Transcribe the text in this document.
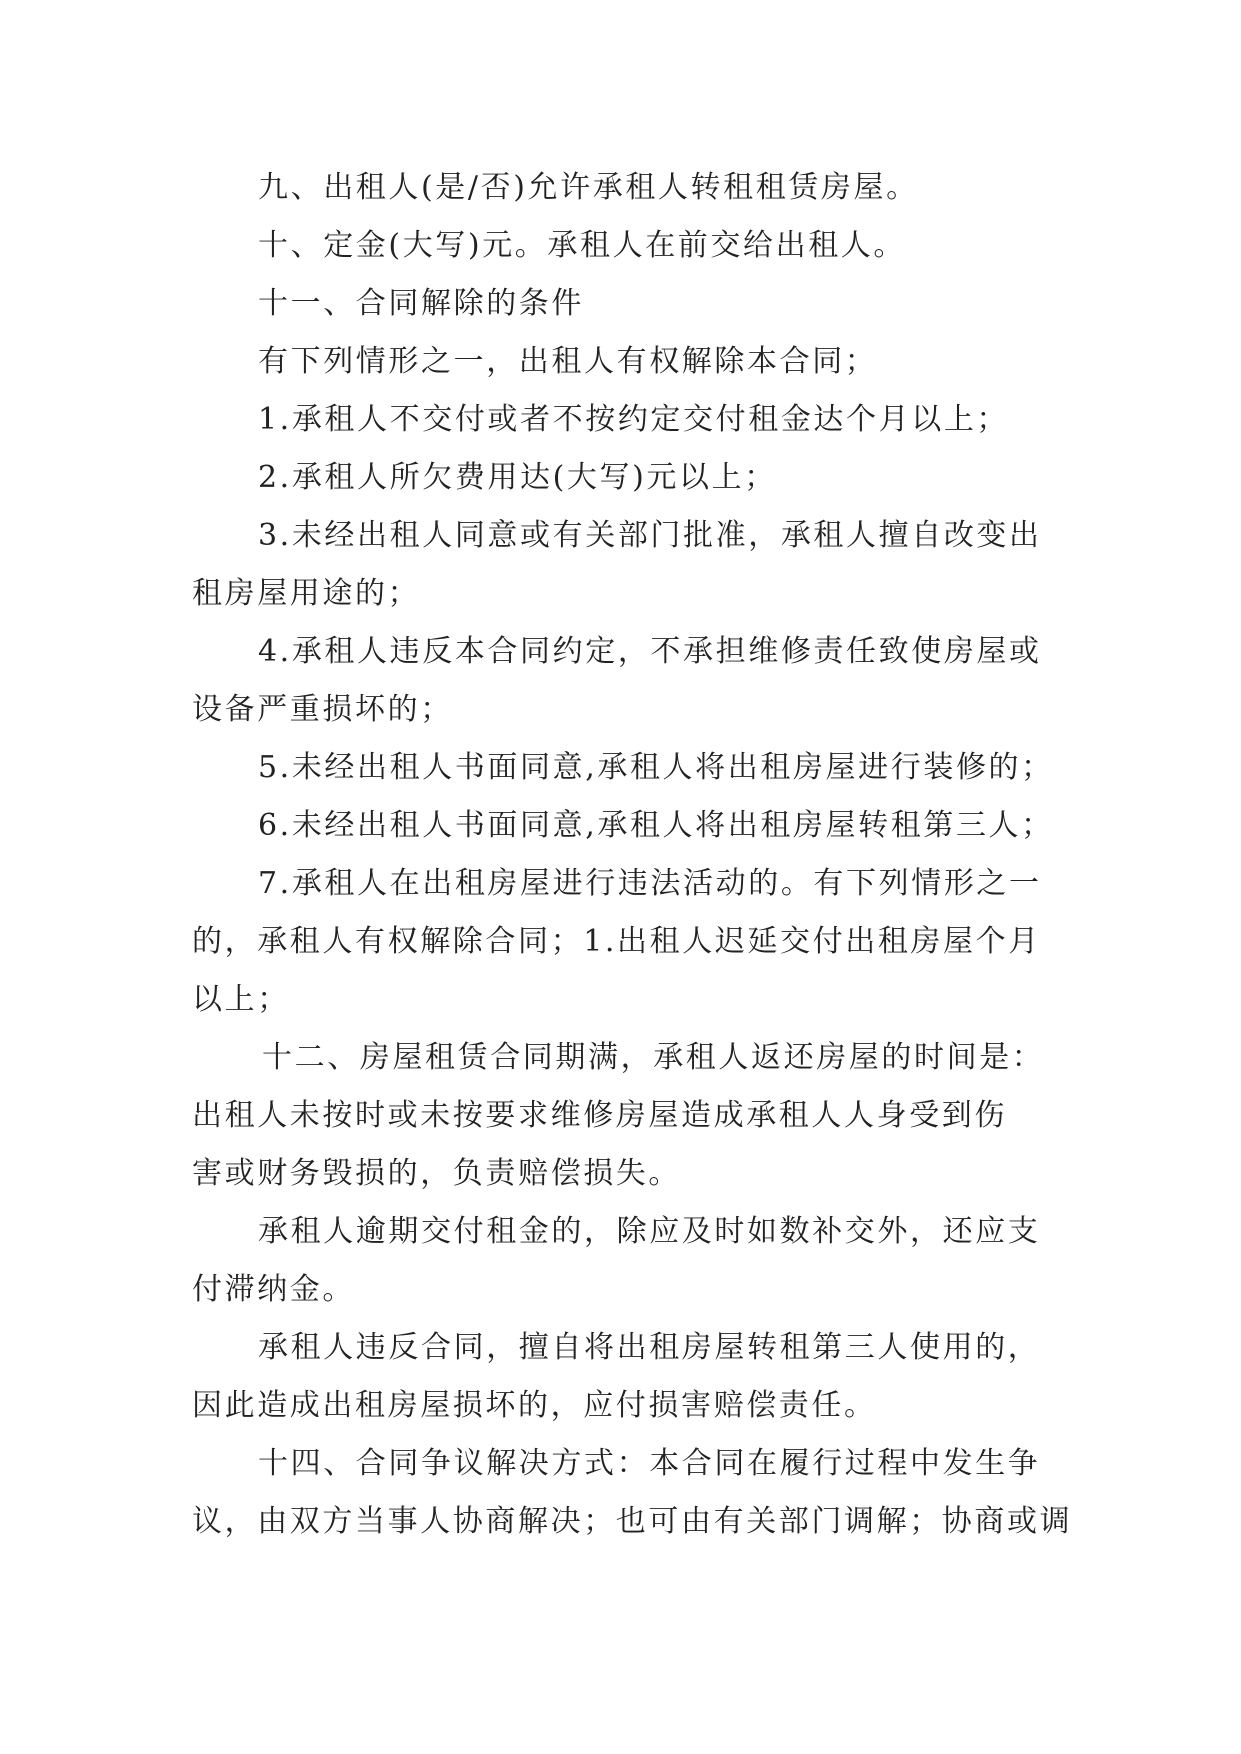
九、出租人(是/否)允许承租人转租租赁房屋。
十、定金(大写)元。承租人在前交给出租人。
十一、合同解除的条件
有下列情形之一，出租人有权解除本合同；
1.承租人不交付或者不按约定交付租金达个月以上；
2.承租人所欠费用达(大写)元以上；
3.未经出租人同意或有关部门批准，承租人擅自改变出
租房屋用途的；
4.承租人违反本合同约定，不承担维修责任致使房屋或
设备严重损坏的；
5.未经出租人书面同意,承租人将出租房屋进行装修的；
6.未经出租人书面同意,承租人将出租房屋转租第三人；
7.承租人在出租房屋进行违法活动的。有下列情形之一
的，承租人有权解除合同；1.出租人迟延交付出租房屋个月
以上；
十二、房屋租赁合同期满，承租人返还房屋的时间是：
出租人未按时或未按要求维修房屋造成承租人人身受到伤
害或财务毁损的，负责赔偿损失。
承租人逾期交付租金的，除应及时如数补交外，还应支
付滞纳金。
承租人违反合同，擅自将出租房屋转租第三人使用的，
因此造成出租房屋损坏的，应付损害赔偿责任。
十四、合同争议解决方式：本合同在履行过程中发生争
议，由双方当事人协商解决；也可由有关部门调解；协商或调
